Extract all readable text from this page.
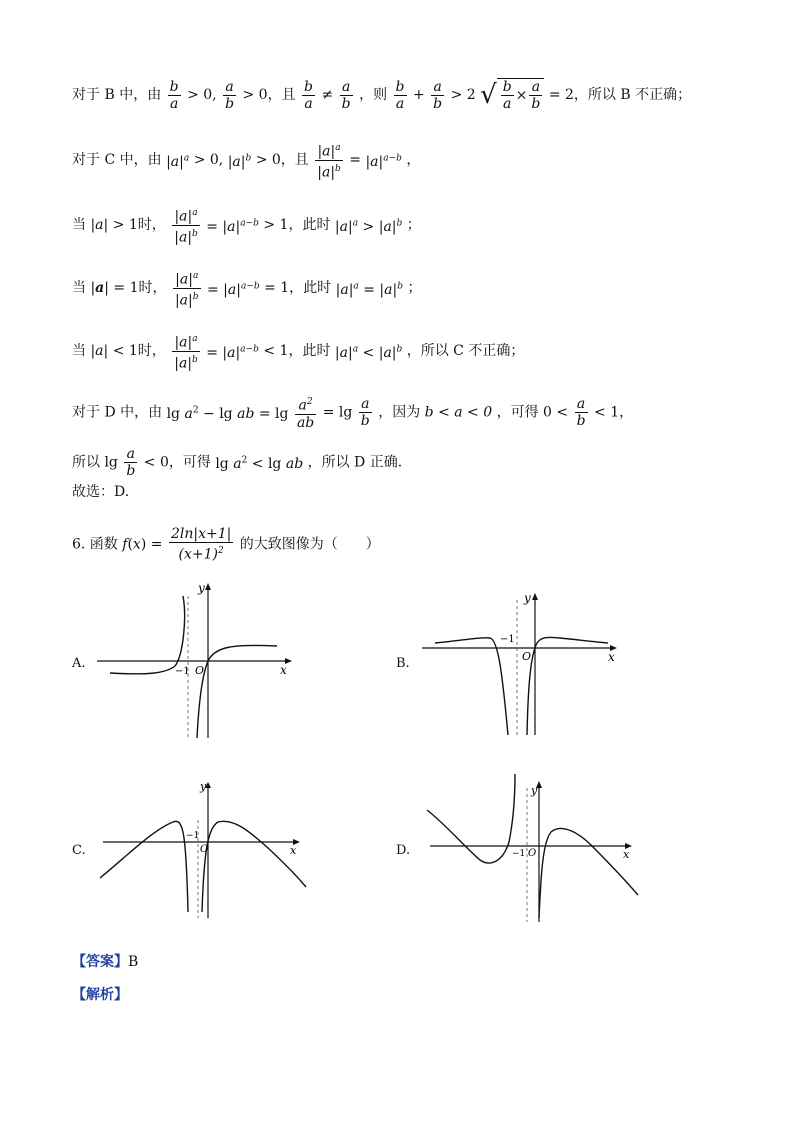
对于 B 中，由 $\frac{b}{a} > 0$, $\frac{a}{b} > 0$，且 $\frac{b}{a} \ne \frac{a}{b}$ ，则 $\frac{b}{a} + \frac{a}{b} > 2$ √ $\frac{b}{a} \times \frac{a}{b} = 2$，所以 B 不正确；
对于 C 中，由 $|a|^a > 0$, $|a|^b > 0$，且 $\frac{|a|^a}{|a|^b} = |a|^{a-b}$ ，
当 |a| > 1时， $\frac{|a|^a}{|a|^b} = |a|^{a-b} > 1$，此时 $|a|^a > |a|^b$ ；
当 |a| = 1时， $\frac{|a|^a}{|a|^b} = |a|^{a-b} = 1$，此时 $|a|^a = |a|^b$ ；
当 |a| < 1时， $\frac{|a|^a}{|a|^b} = |a|^{a-b} < 1$，此时 $|a|^a < |a|^b$ ，所以 C 不正确；
对于 D 中，由 $\lg a^2 - \lg$ ab = $\lg \frac{a^2}{ab} = \lg \frac{a}{b}$ ，因为 b < a < 0 ，可得 $0 < \frac{a}{b} < 1$，
所以 $\lg \frac{a}{b} < 0$，可得 $\lg a^2 < \lg$ ab ，所以 D 正确.
故选：D.
6. 函数 $f(x) = \frac{2\ln|x+1|}{(x+1)^2}$ 的大致图像为（　　）
A.	B.
C.	D.
−1 O	x
y
−1
O	x
y
−1
O	x
y
−1 O	x
y
【答案】B
【解析】
